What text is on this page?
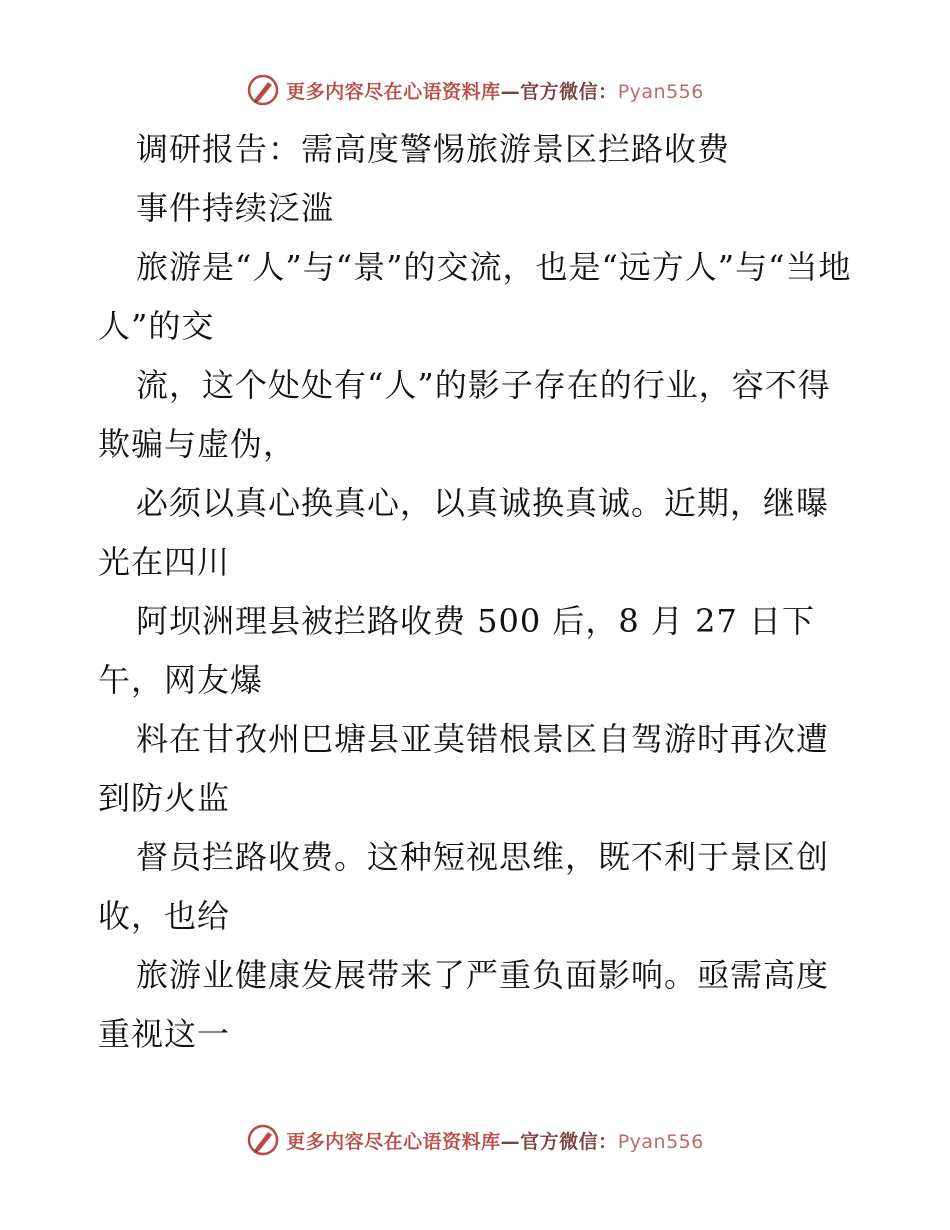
更多内容尽在心语资料库—官方微信：Pyan556

调研报告：需高度警惕旅游景区拦路收费

事件持续泛滥

旅游是“人”与“景”的交流，也是“远方人”与“当地人”的交

流，这个处处有“人”的影子存在的行业，容不得欺骗与虚伪，

必须以真心换真心，以真诚换真诚。近期，继曝光在四川

阿坝洲理县被拦路收费 500 后，8 月 27 日下午，网友爆

料在甘孜州巴塘县亚莫错根景区自驾游时再次遭到防火监

督员拦路收费。这种短视思维，既不利于景区创收，也给

旅游业健康发展带来了严重负面影响。亟需高度重视这一

更多内容尽在心语资料库—官方微信：Pyan556
